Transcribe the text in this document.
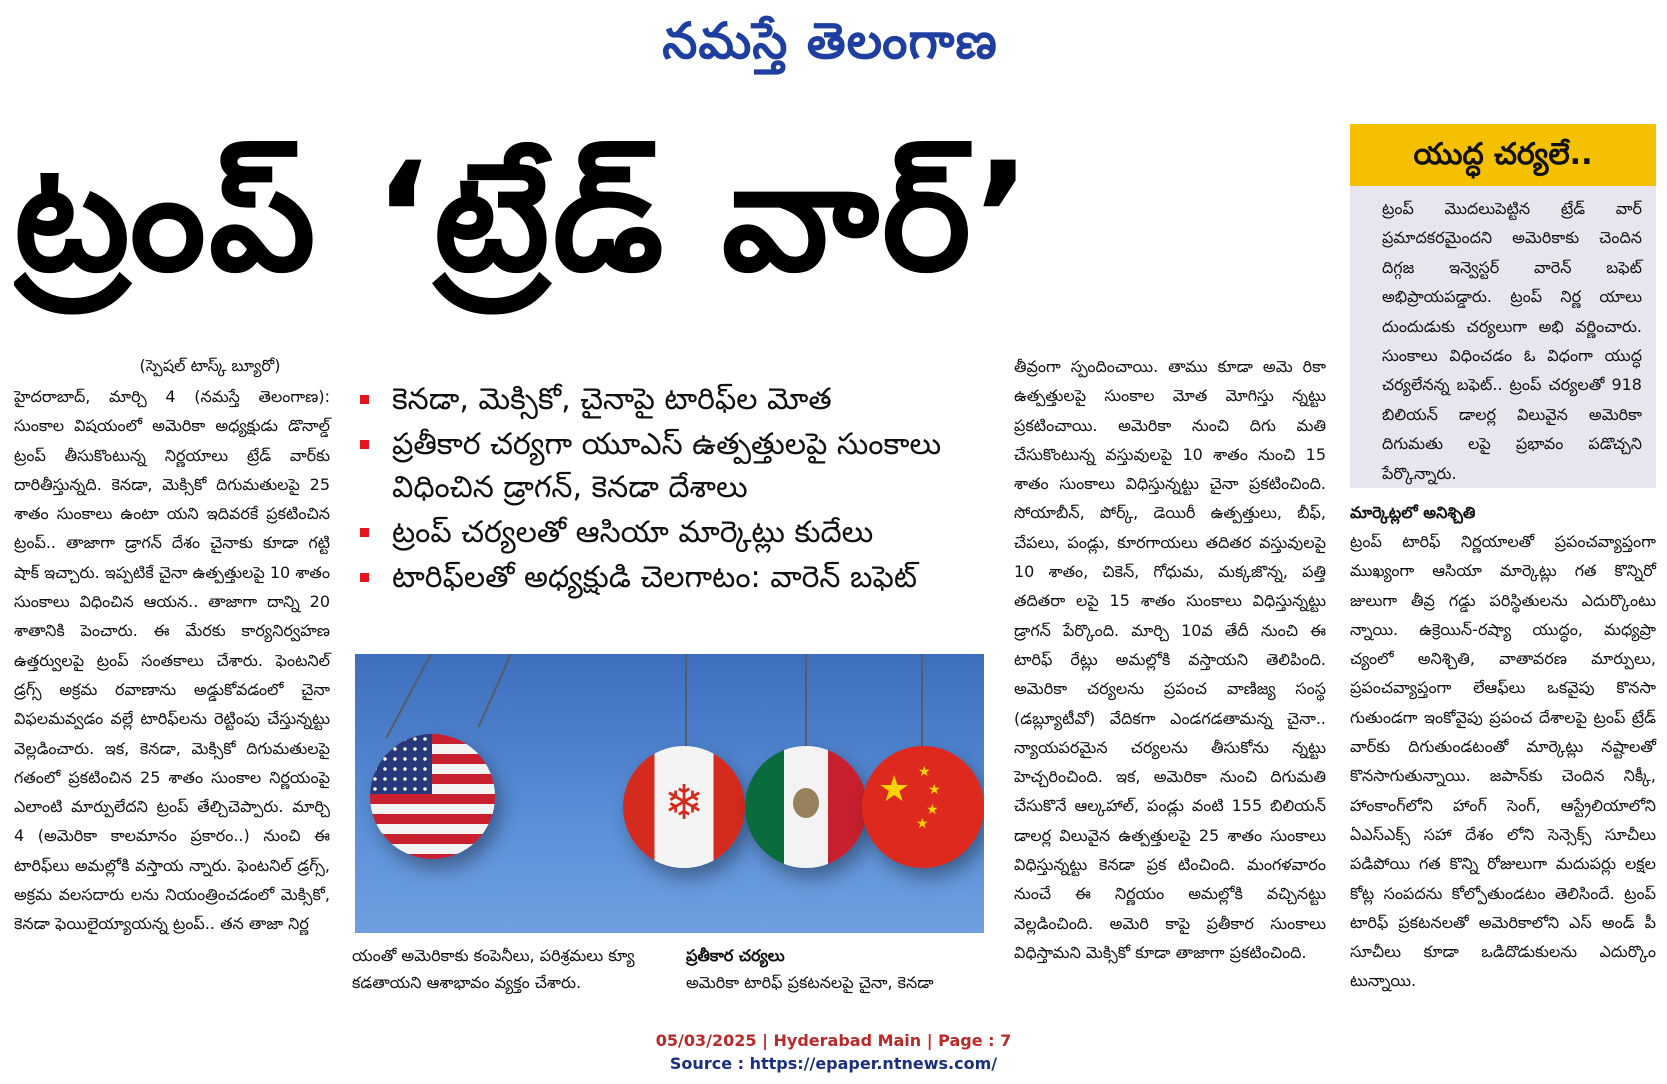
నమస్తే తెలంగాణ
ట్రంప్ ‘ట్రేడ్ వార్’
(స్పెషల్ టాస్క్ బ్యూరో)
హైదరాబాద్, మార్చి 4 (నమస్తే తెలంగాణ): సుంకాల విషయంలో అమెరికా అధ్యక్షుడు డొనాల్డ్ ట్రంప్ తీసుకొంటున్న నిర్ణయాలు ట్రేడ్ వార్‌కు దారితీస్తున్నది. కెనడా, మెక్సికో దిగుమతులపై 25 శాతం సుంకాలు ఉంటా యని ఇదివరకే ప్రకటించిన ట్రంప్.. తాజాగా డ్రాగన్ దేశం చైనాకు కూడా గట్టి షాక్ ఇచ్చారు. ఇప్పటికే చైనా ఉత్పత్తులపై 10 శాతం సుంకాలు విధించిన ఆయన.. తాజాగా దాన్ని 20 శాతానికి పెంచారు. ఈ మేరకు కార్యనిర్వహణ ఉత్తర్వులపై ట్రంప్ సంతకాలు చేశారు. ఫెంటనిల్ డ్రగ్స్ అక్రమ రవాణాను అడ్డుకోవడంలో చైనా విఫలమవ్వడం వల్లే టారిఫ్‌లను రెట్టింపు చేస్తున్నట్టు వెల్లడించారు. ఇక, కెనడా, మెక్సికో దిగుమతులపై గతంలో ప్రకటించిన 25 శాతం సుంకాల నిర్ణయంపై ఎలాంటి మార్పులేదని ట్రంప్ తేల్చిచెప్పారు. మార్చి 4 (అమెరికా కాలమానం ప్రకారం..) నుంచి ఈ టారిఫ్‌లు అమల్లోకి వస్తాయ న్నారు. ఫెంటనిల్ డ్రగ్స్, అక్రమ వలసదారు లను నియంత్రించడంలో మెక్సికో, కెనడా ఫెయిలైయ్యాయన్న ట్రంప్.. తన తాజా నిర్ణ
కెనడా, మెక్సికో, చైనాపై టారిఫ్‌ల మోత
ప్రతీకార చర్యగా యూఎస్ ఉత్పత్తులపై సుంకాలు విధించిన డ్రాగన్, కెనడా దేశాలు
ట్రంప్ చర్యలతో ఆసియా మార్కెట్లు కుదేలు
టారిఫ్‌లతో అధ్యక్షుడి చెలగాటం: వారెన్ బఫెట్
❄	★ ★
★
★
★
యంతో అమెరికాకు కంపెనీలు, పరిశ్రమలు క్యూ కడతాయని ఆశాభావం వ్యక్తం చేశారు.
ప్రతీకార చర్యలు
అమెరికా టారిఫ్ ప్రకటనలపై చైనా, కెనడా
తీవ్రంగా స్పందించాయి. తాము కూడా అమె రికా ఉత్పత్తులపై సుంకాల మోత మోగిస్తు న్నట్టు ప్రకటించాయి. అమెరికా నుంచి దిగు మతి చేసుకొంటున్న వస్తువులపై 10 శాతం నుంచి 15 శాతం సుంకాలు విధిస్తున్నట్టు చైనా ప్రకటించింది. సోయాబీన్, పోర్క్, డెయిరీ ఉత్పత్తులు, బీఫ్, చేపలు, పండ్లు, కూరగాయలు తదితర వస్తువులపై 10 శాతం, చికెన్, గోధుమ, మక్కజొన్న, పత్తి తదితరా లపై 15 శాతం సుంకాలు విధిస్తున్నట్టు డ్రాగన్ పేర్కొంది. మార్చి 10వ తేదీ నుంచి ఈ టారిఫ్ రేట్లు అమల్లోకి వస్తాయని తెలిపింది. అమెరికా చర్యలను ప్రపంచ వాణిజ్య సంస్థ (డబ్ల్యూటీవో) వేదికగా ఎండగడతామన్న చైనా.. న్యాయపరమైన చర్యలను తీసుకోను న్నట్టు హెచ్చరించింది. ఇక, అమెరికా నుంచి దిగుమతి చేసుకొనే ఆల్కహాల్, పండ్లు వంటి 155 బిలియన్ డాలర్ల విలువైన ఉత్పత్తులపై 25 శాతం సుంకాలు విధిస్తున్నట్టు కెనడా ప్రక టించింది. మంగళవారం నుంచే ఈ నిర్ణయం అమల్లోకి వచ్చినట్టు వెల్లడించింది. అమెరి కాపై ప్రతీకార సుంకాలు విధిస్తామని మెక్సికో కూడా తాజాగా ప్రకటించింది.
యుద్ధ చర్యలే..
ట్రంప్ మొదలుపెట్టిన ట్రేడ్ వార్ ప్రమాదకరమైందని అమెరికాకు చెందిన దిగ్గజ ఇన్వెస్టర్ వారెన్ బఫెట్ అభిప్రాయపడ్డారు. ట్రంప్ నిర్ణ యాలు దుందుడుకు చర్యలుగా అభి వర్ణించారు. సుంకాలు విధించడం ఓ విధంగా యుద్ధ చర్యలేనన్న బఫెట్.. ట్రంప్ చర్యలతో 918 బిలియన్ డాలర్ల విలువైన అమెరికా దిగుమతు లపై ప్రభావం పడొచ్చని పేర్కొన్నారు.
మార్కెట్లలో అనిశ్చితి
ట్రంప్ టారిఫ్ నిర్ణయాలతో ప్రపంచవ్యాప్తంగా ముఖ్యంగా ఆసియా మార్కెట్లు గత కొన్నిరో జులుగా తీవ్ర గడ్డు పరిస్థితులను ఎదుర్కొంటు న్నాయి. ఉక్రెయిన్-రష్యా యుద్ధం, మధ్యప్రా చ్యంలో అనిశ్చితి, వాతావరణ మార్పులు, ప్రపంచవ్యాప్తంగా లేఆఫ్‌లు ఒకవైపు కొనసా గుతుండగా ఇంకోవైపు ప్రపంచ దేశాలపై ట్రంప్ ట్రేడ్ వార్‌కు దిగుతుండటంతో మార్కెట్లు నష్టాలతో కొనసాగుతున్నాయి. జపాన్‌కు చెందిన నిక్కీ, హాంకాంగ్‌లోని హాంగ్ సెంగ్, ఆస్ట్రేలియాలోని ఏఎస్ఎక్స్ సహా దేశం లోని సెన్సెక్స్ సూచీలు పడిపోయి గత కొన్ని రోజులుగా మదుపర్లు లక్షల కోట్ల సంపదను కోల్పోతుండటం తెలిసిందే. ట్రంప్ టారిఫ్ ప్రకటనలతో అమెరికాలోని ఎస్ అండ్ పీ సూచీలు కూడా ఒడిదొడుకులను ఎదుర్కొం టున్నాయి.
05/03/2025 | Hyderabad Main | Page : 7
Source : https://epaper.ntnews.com/
